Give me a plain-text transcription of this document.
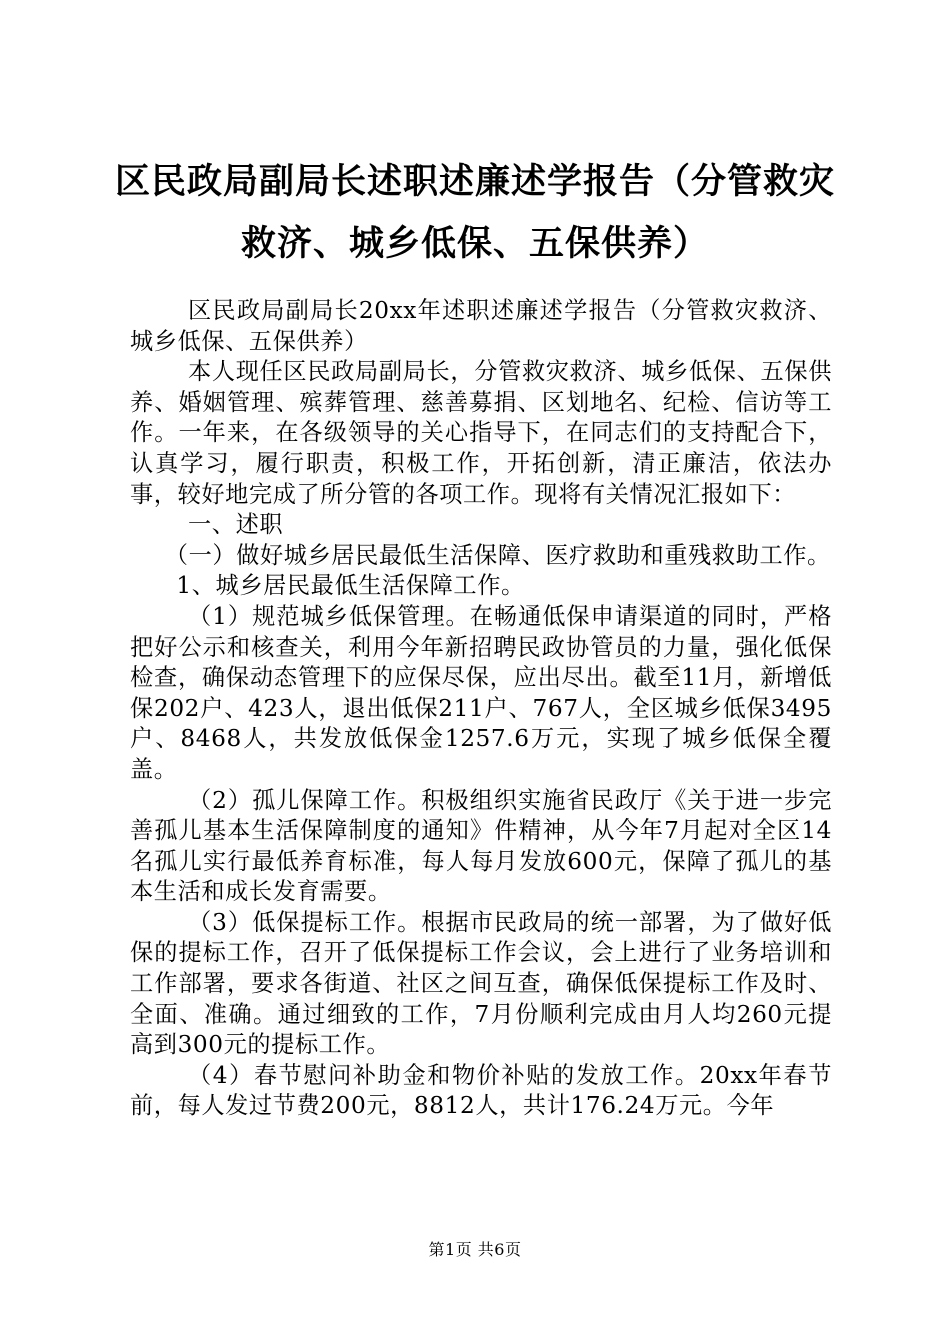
区民政局副局长述职述廉述学报告（分管救灾
救济、城乡低保、五保供养）

区民政局副局长20xx年述职述廉述学报告（分管救灾救济、城乡低保、五保供养）

本人现任区民政局副局长，分管救灾救济、城乡低保、五保供养、婚姻管理、殡葬管理、慈善募捐、区划地名、纪检、信访等工作。一年来，在各级领导的关心指导下，在同志们的支持配合下，认真学习，履行职责，积极工作，开拓创新，清正廉洁，依法办事，较好地完成了所分管的各项工作。现将有关情况汇报如下：

一、述职

（一）做好城乡居民最低生活保障、医疗救助和重残救助工作。

1、城乡居民最低生活保障工作。

（1）规范城乡低保管理。在畅通低保申请渠道的同时，严格把好公示和核查关，利用今年新招聘民政协管员的力量，强化低保检查，确保动态管理下的应保尽保，应出尽出。截至11月，新增低保202户、423人，退出低保211户、767人，全区城乡低保3495户、8468人，共发放低保金1257.6万元，实现了城乡低保全覆盖。

（2）孤儿保障工作。积极组织实施省民政厅《关于进一步完善孤儿基本生活保障制度的通知》件精神，从今年7月起对全区14名孤儿实行最低养育标准，每人每月发放600元，保障了孤儿的基本生活和成长发育需要。

（3）低保提标工作。根据市民政局的统一部署，为了做好低保的提标工作，召开了低保提标工作会议，会上进行了业务培训和工作部署，要求各街道、社区之间互查，确保低保提标工作及时、全面、准确。通过细致的工作，7月份顺利完成由月人均260元提高到300元的提标工作。

（4）春节慰问补助金和物价补贴的发放工作。20xx年春节前，每人发过节费200元，8812人，共计176.24万元。今年

第1页 共6页
